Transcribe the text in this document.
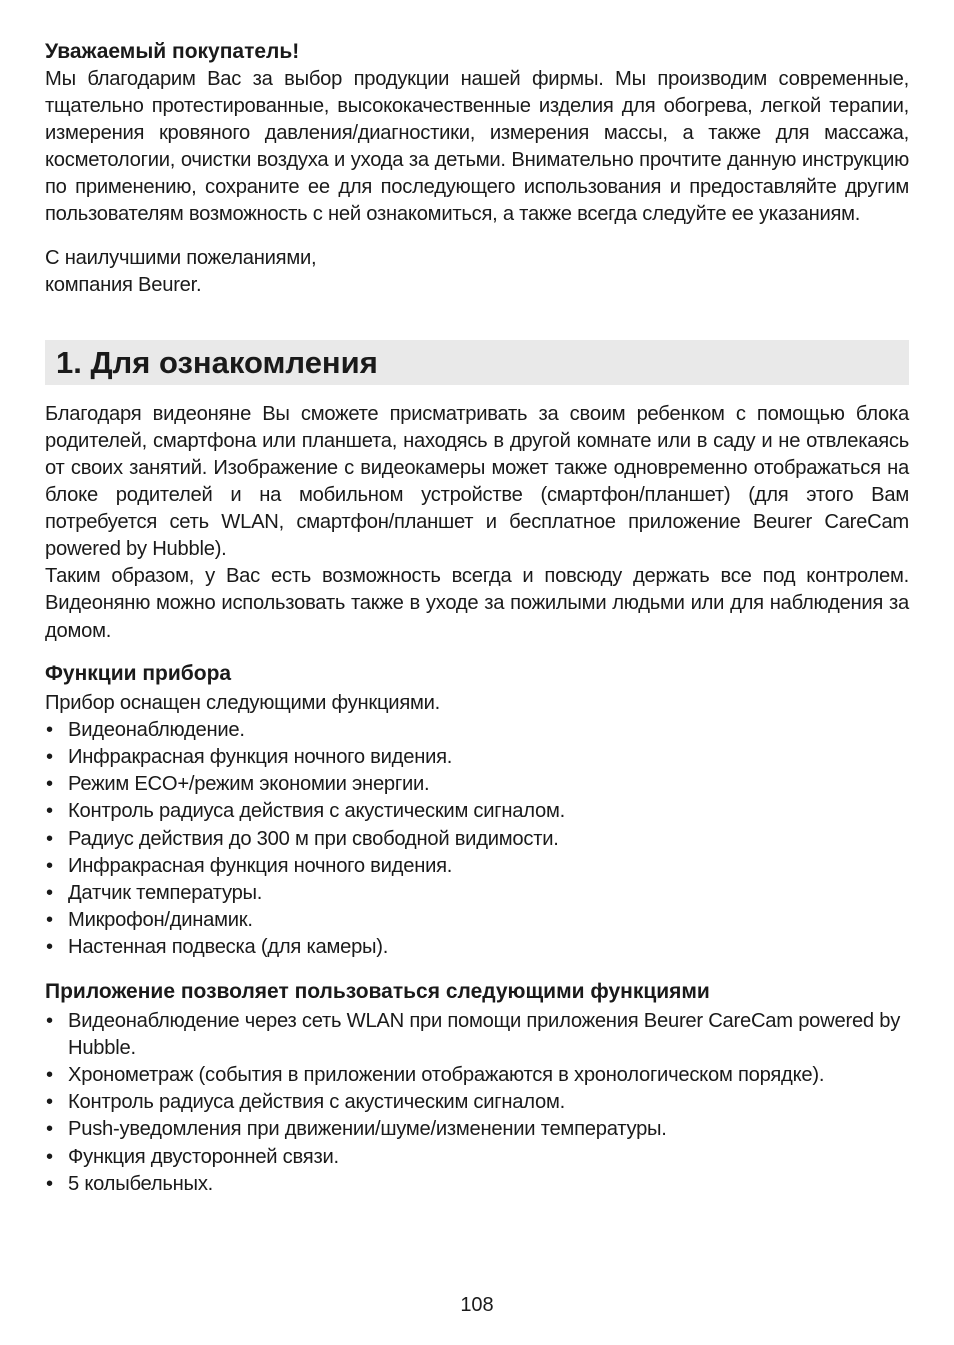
Уважаемый покупатель!

Мы благодарим Вас за выбор продукции нашей фирмы. Мы производим современные, тщательно протестированные, высококачественные изделия для обогрева, легкой терапии, измерения кровяного давления/диагностики, измерения массы, а также для массажа, косметологии, очистки воздуха и ухода за детьми. Внимательно прочтите данную инструкцию по применению, сохраните ее для последующего использования и предоставляйте другим пользователям возможность с ней ознакомиться, а также всегда следуйте ее указаниям.

С наилучшими пожеланиями,
компания Beurer.

1. Для ознакомления

Благодаря видеоняне Вы сможете присматривать за своим ребенком с помощью блока родителей, смартфона или планшета, находясь в другой комнате или в саду и не отвлекаясь от своих занятий. Изображение с видеокамеры может также одновременно отображаться на блоке родителей и на мобильном устройстве (смартфон/планшет) (для этого Вам потребуется сеть WLAN, смартфон/планшет и бесплатное приложение Beurer CareCam powered by Hubble).

Таким образом, у Вас есть возможность всегда и повсюду держать все под контролем. Видеоняню можно использовать также в уходе за пожилыми людьми или для наблюдения за домом.

Функции прибора

Прибор оснащен следующими функциями.

• Видеонаблюдение.
• Инфракрасная функция ночного видения.
• Режим ECO+/режим экономии энергии.
• Контроль радиуса действия с акустическим сигналом.
• Радиус действия до 300 м при свободной видимости.
• Инфракрасная функция ночного видения.
• Датчик температуры.
• Микрофон/динамик.
• Настенная подвеска (для камеры).
Приложение позволяет пользоваться следующими функциями
• Видеонаблюдение через сеть WLAN при помощи приложения Beurer CareCam powered by Hubble.
• Хронометраж (события в приложении отображаются в хронологическом порядке).
• Контроль радиуса действия с акустическим сигналом.
• Push-уведомления при движении/шуме/изменении температуры.
• Функция двусторонней связи.
• 5 колыбельных.
108
